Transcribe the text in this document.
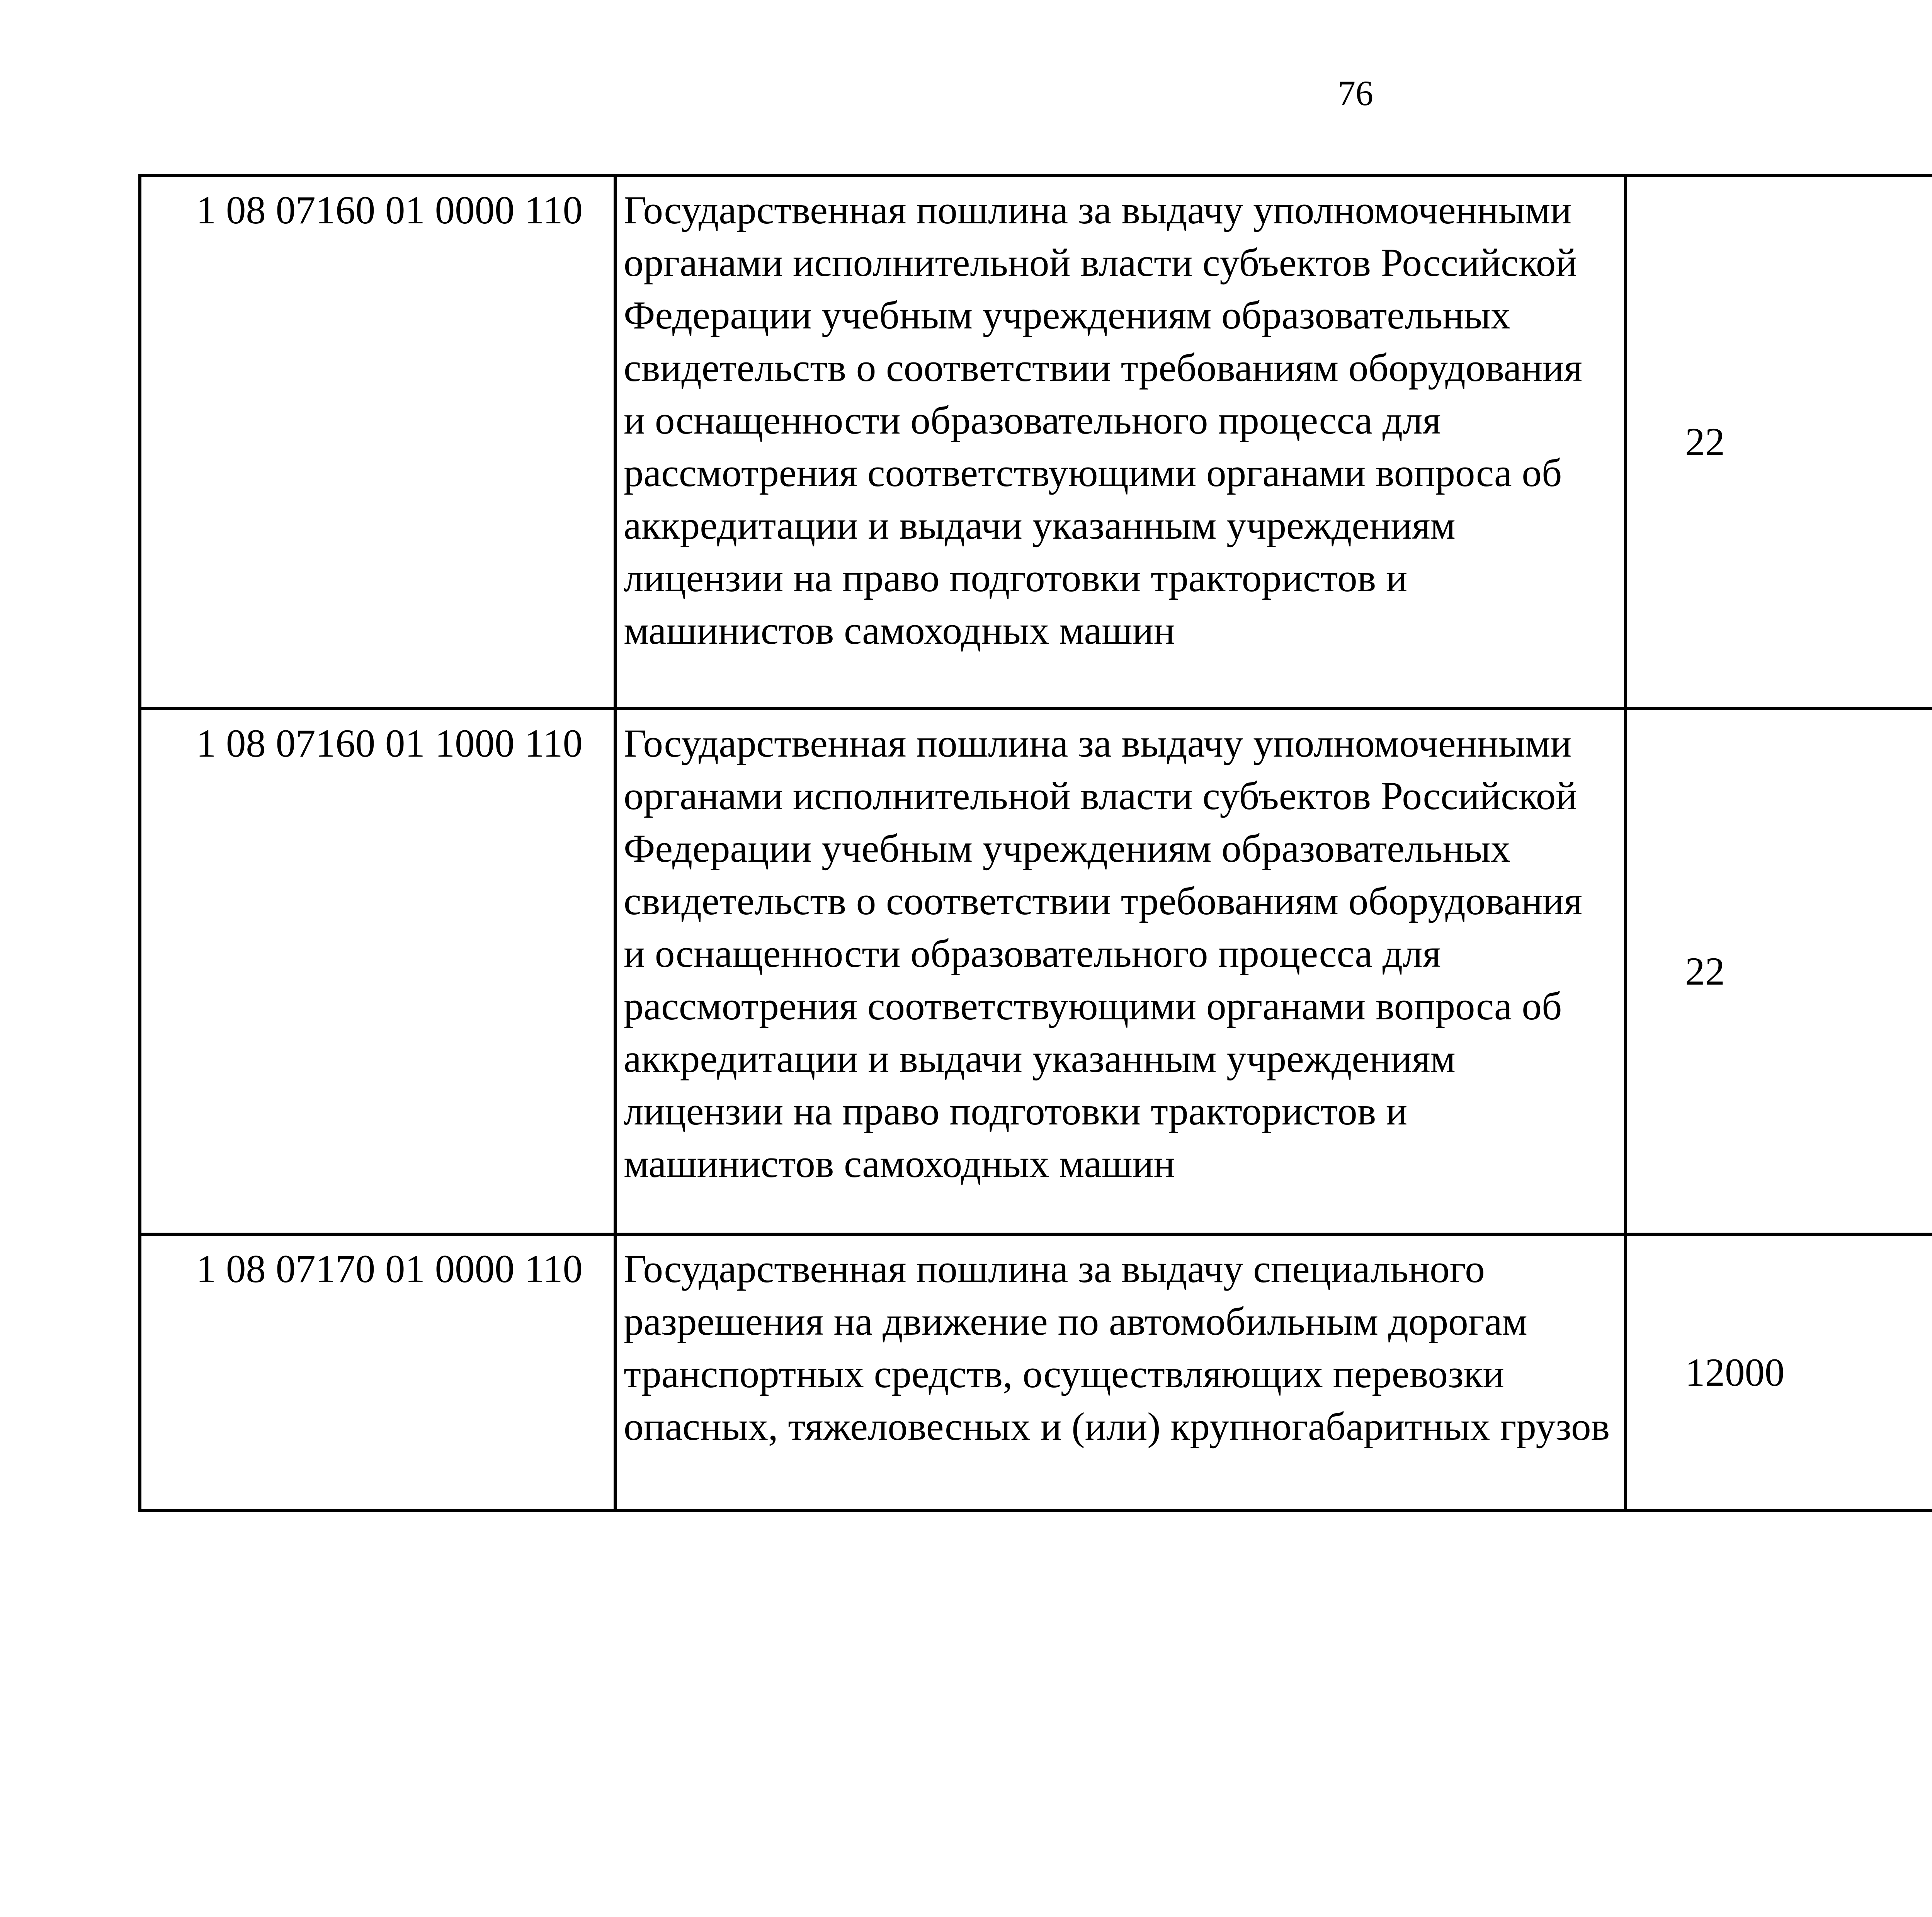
76
1 08 07160 01 0000 110	Государственная пошлина за выдачу уполномоченными органами исполнительной власти субъектов Российской Федерации учебным учреждениям образовательных свидетельств о соответствии требованиям оборудования и оснащенности образовательного процесса для рассмотрения соответствующими органами вопроса об аккредитации и выдачи указанным учреждениям лицензии на право подготовки трактористов и машинистов самоходных машин	22		
1 08 07160 01 1000 110	Государственная пошлина за выдачу уполномоченными органами исполнительной власти субъектов Российской Федерации учебным учреждениям образовательных свидетельств о соответствии требованиям оборудования и оснащенности образовательного процесса для рассмотрения соответствующими органами вопроса об аккредитации и выдачи указанным учреждениям лицензии на право подготовки трактористов и машинистов самоходных машин	22		
1 08 07170 01 0000 110	Государственная пошлина за выдачу специального разрешения на движение по автомобильным дорогам транспортных средств, осуществляющих перевозки опасных, тяжеловесных и (или) крупногабаритных грузов	12000		
